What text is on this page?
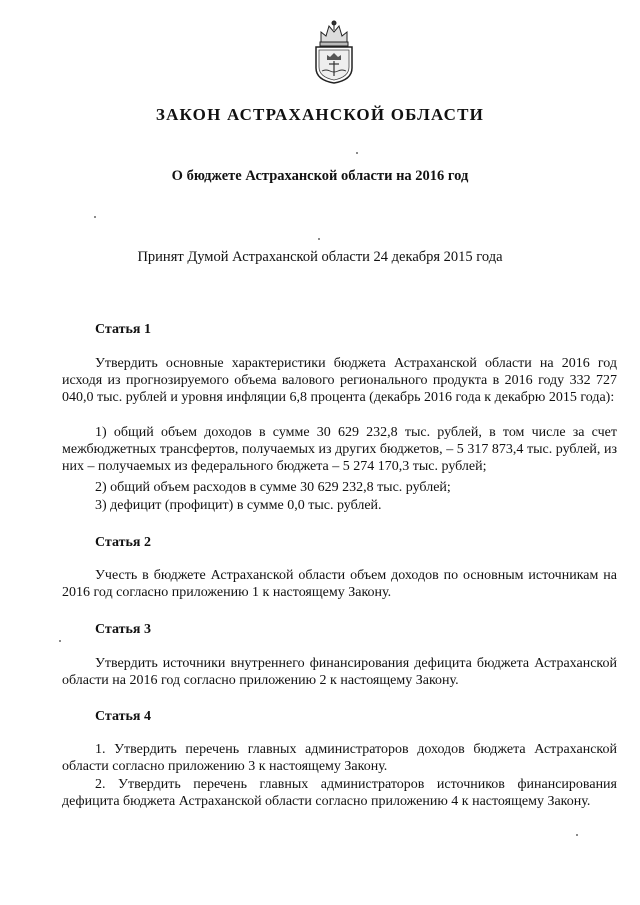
ЗАКОН АСТРАХАНСКОЙ ОБЛАСТИ
О бюджете Астраханской области на 2016 год
Принят Думой Астраханской области 24 декабря 2015 года
Статья 1

Утвердить основные характеристики бюджета Астраханской области на 2016 год исходя из прогнозируемого объема валового регионального продукта в 2016 году 332 727 040,0 тыс. рублей и уровня инфляции 6,8 процента (декабрь 2016 года к декабрю 2015 года):

1) общий объем доходов в сумме 30 629 232,8 тыс. рублей, в том числе за счет межбюджетных трансфертов, получаемых из других бюджетов, – 5 317 873,4 тыс. рублей, из них – получаемых из федерального бюджета – 5 274 170,3 тыс. рублей;

2) общий объем расходов в сумме 30 629 232,8 тыс. рублей;

3) дефицит (профицит) в сумме 0,0 тыс. рублей.

Статья 2

Учесть в бюджете Астраханской области объем доходов по основным источникам на 2016 год согласно приложению 1 к настоящему Закону.

Статья 3

Утвердить источники внутреннего финансирования дефицита бюджета Астраханской области на 2016 год согласно приложению 2 к настоящему Закону.

Статья 4

1. Утвердить перечень главных администраторов доходов бюджета Астраханской области согласно приложению 3 к настоящему Закону.

2. Утвердить перечень главных администраторов источников финансирования дефицита бюджета Астраханской области согласно приложению 4 к настоящему Закону.
